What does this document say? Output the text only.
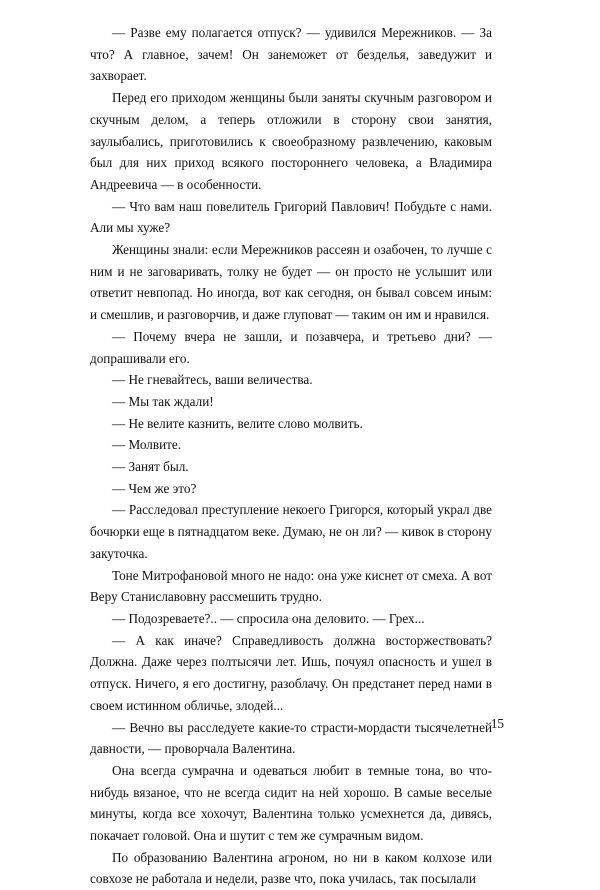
— Разве ему полагается отпуск? — удивился Мережников. — За что? А главное, зачем! Он занеможет от безделья, заведужит и захворает.

Перед его приходом женщины были заняты скучным разговором и скучным делом, а теперь отложили в сторону свои занятия, заулыбались, приготовились к своеобразному развлечению, каковым был для них приход всякого постороннего человека, а Владимира Андреевича — в особенности.

— Что вам наш повелитель Григорий Павлович! Побудьте с нами. Али мы хуже?

Женщины знали: если Мережников рассеян и озабочен, то лучше с ним и не заговаривать, толку не будет — он просто не услышит или ответит невпопад. Но иногда, вот как сегодня, он бывал совсем иным: и смешлив, и разговорчив, и даже глуповат — таким он им и нравился.

— Почему вчера не зашли, и позавчера, и третьево дни? — допрашивали его.

— Не гневайтесь, ваши величества.

— Мы так ждали!

— Не велите казнить, велите слово молвить.

— Молвите.

— Занят был.

— Чем же это?

— Расследовал преступление некоего Григорся, который украл две бочюрки еще в пятнадцатом веке. Думаю, не он ли? — кивок в сторону закуточка.

Тоне Митрофановой много не надо: она уже киснет от смеха. А вот Веру Станиславовну рассмешить трудно.

— Подозреваете?.. — спросила она деловито. — Грех...

— А как иначе? Справедливость должна восторжествовать? Должна. Даже через полтысячи лет. Ишь, почуял опасность и ушел в отпуск. Ничего, я его достигну, разоблачу. Он предстанет перед нами в своем истинном обличье, злодей...

— Вечно вы расследуете какие-то страсти-мордасти тысячелетней давности, — проворчала Валентина.

Она всегда сумрачна и одеваться любит в темные тона, во что-нибудь вязаное, что не всегда сидит на ней хорошо. В самые веселые минуты, когда все хохочут, Валентина только усмехнется да, дивясь, покачает головой. Она и шутит с тем же сумрачным видом.

По образованию Валентина агроном, но ни в каком колхозе или совхозе не работала и недели, разве что, пока училась, так посылали

15
